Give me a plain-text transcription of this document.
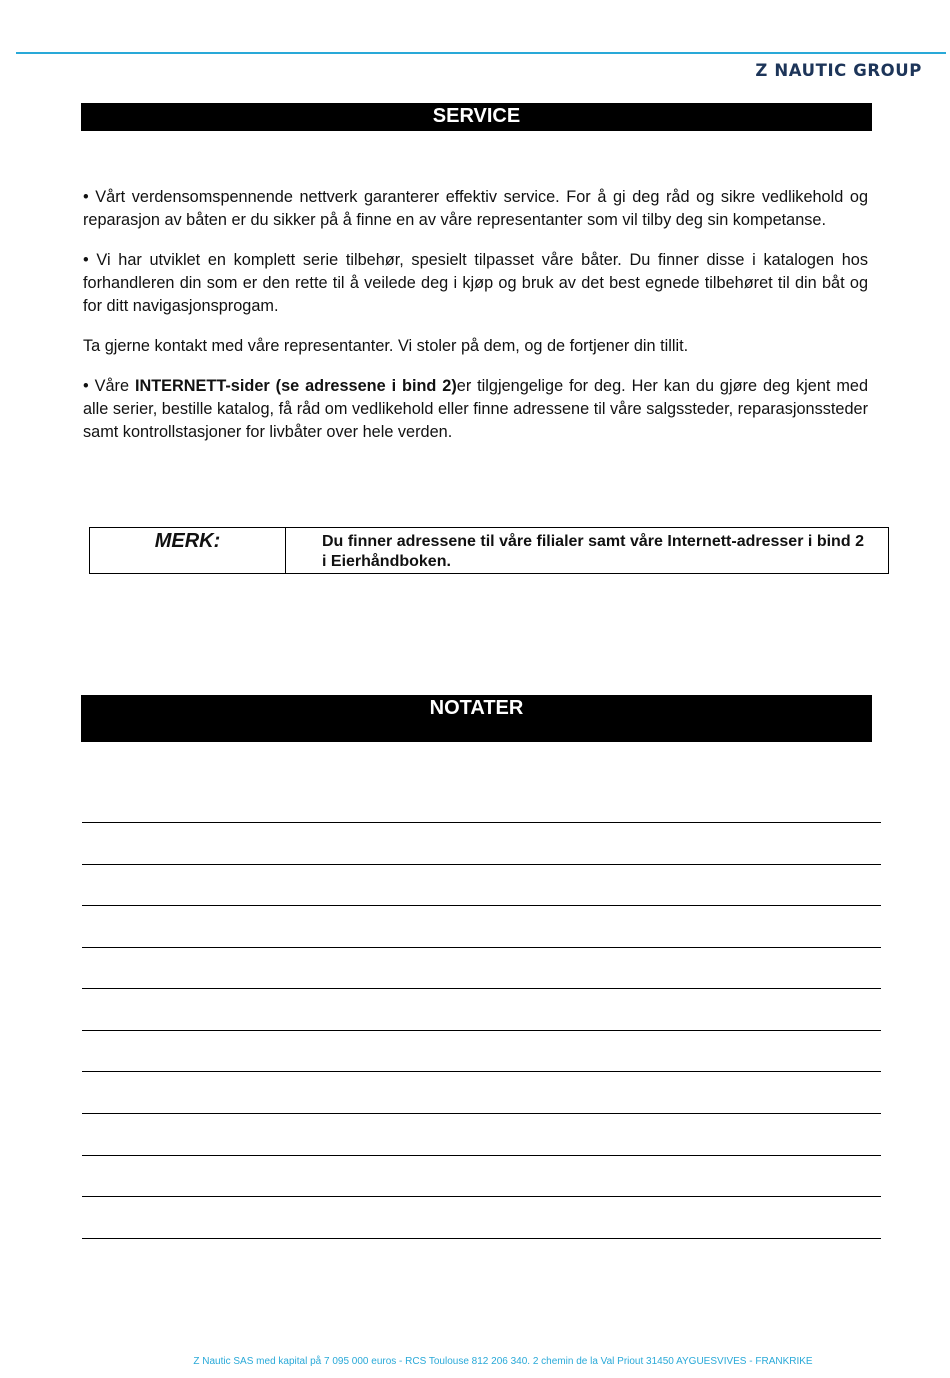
Z NAUTIC GROUP
SERVICE

• Vårt verdensomspennende nettverk garanterer effektiv service. For å gi deg råd og sikre vedlikehold og reparasjon av båten er du sikker på å finne en av våre representanter som vil tilby deg sin kompetanse.

• Vi har utviklet en komplett serie tilbehør, spesielt tilpasset våre båter. Du finner disse i katalogen hos forhandleren din som er den rette til å veilede deg i kjøp og bruk av det best egnede tilbehøret til din båt og for ditt navigasjonsprogam.

Ta gjerne kontakt med våre representanter. Vi stoler på dem, og de fortjener din tillit.

• Våre INTERNETT-sider (se adressene i bind 2)er tilgjengelige for deg. Her kan du gjøre deg kjent med alle serier, bestille katalog, få råd om vedlikehold eller finne adressene til våre salgssteder, reparasjonssteder samt kontrollstasjoner for livbåter over hele verden.

MERK:	Du finner adressene til våre filialer samt våre Internett-adresser i bind 2 i Eierhåndboken.
NOTATER
Z Nautic SAS med kapital på 7 095 000 euros - RCS Toulouse 812 206 340. 2 chemin de la Val Priout 31450 AYGUESVIVES - FRANKRIKE
